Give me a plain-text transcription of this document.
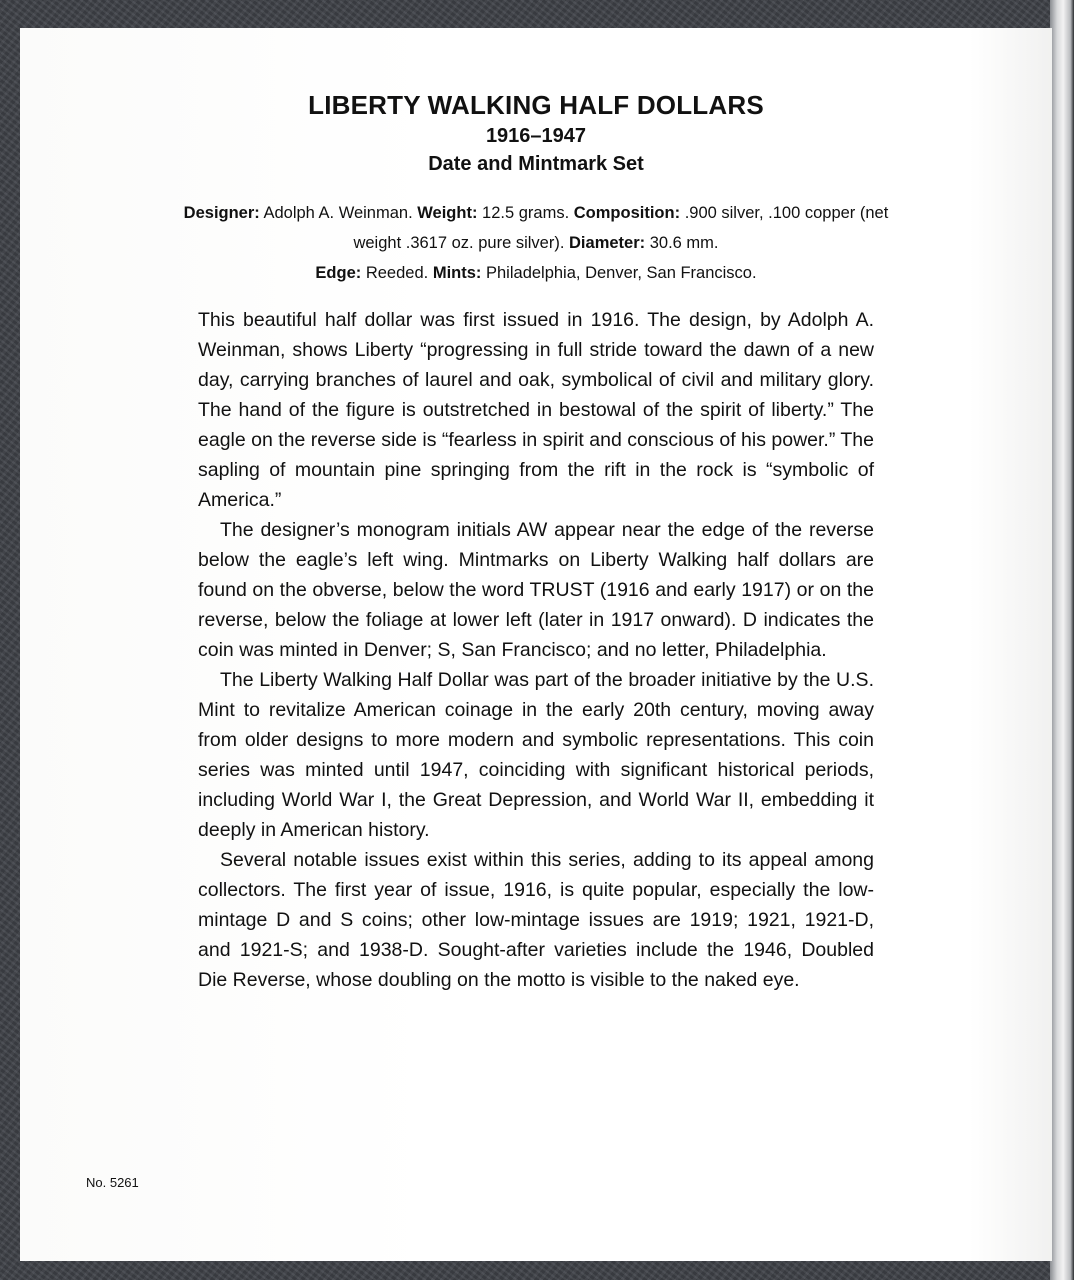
LIBERTY WALKING HALF DOLLARS
1916–1947
Date and Mintmark Set
Designer: Adolph A. Weinman. Weight: 12.5 grams. Composition: .900 silver, .100 copper (net weight .3617 oz. pure silver). Diameter: 30.6 mm.
Edge: Reeded. Mints: Philadelphia, Denver, San Francisco.

This beautiful half dollar was first issued in 1916. The design, by Adolph A. Weinman, shows Liberty “progressing in full stride toward the dawn of a new day, carrying branches of laurel and oak, symbolical of civil and military glory. The hand of the figure is outstretched in bestowal of the spirit of liberty.” The eagle on the reverse side is “fearless in spirit and conscious of his power.” The sapling of mountain pine springing from the rift in the rock is “symbolic of America.”

The designer’s monogram initials AW appear near the edge of the reverse below the eagle’s left wing. Mintmarks on Liberty Walking half dollars are found on the obverse, below the word TRUST (1916 and early 1917) or on the reverse, below the foliage at lower left (later in 1917 onward). D indicates the coin was minted in Denver; S, San Francisco; and no letter, Philadelphia.

The Liberty Walking Half Dollar was part of the broader initiative by the U.S. Mint to revitalize American coinage in the early 20th century, moving away from older designs to more modern and symbolic representations. This coin series was minted until 1947, coinciding with significant historical periods, including World War I, the Great Depression, and World War II, embedding it deeply in American history.

Several notable issues exist within this series, adding to its appeal among collectors. The first year of issue, 1916, is quite popular, especially the low-mintage D and S coins; other low-mintage issues are 1919; 1921, 1921-D, and 1921-S; and 1938-D. Sought-after varieties include the 1946, Doubled Die Reverse, whose doubling on the motto is visible to the naked eye.

No. 5261
